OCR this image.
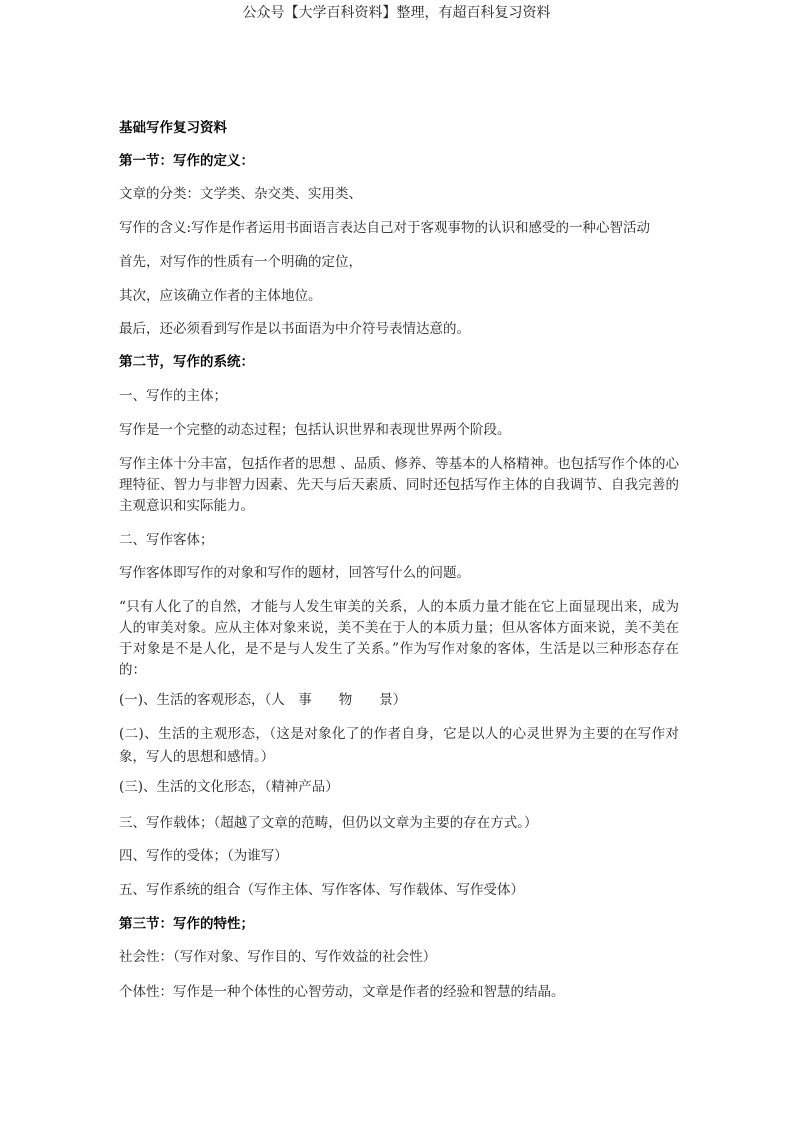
公众号【大学百科资料】整理，有超百科复习资料
基础写作复习资料
第一节：写作的定义：
文章的分类：文学类、杂交类、实用类、
写作的含义:写作是作者运用书面语言表达自己对于客观事物的认识和感受的一种心智活动
首先，对写作的性质有一个明确的定位，
其次，应该确立作者的主体地位。
最后，还必须看到写作是以书面语为中介符号表情达意的。
第二节，写作的系统：
一、写作的主体；
写作是一个完整的动态过程；包括认识世界和表现世界两个阶段。
写作主体十分丰富，包括作者的思想 、品质、修养、等基本的人格精神。也包括写作个体的心理特征、智力与非智力因素、先天与后天素质、同时还包括写作主体的自我调节、自我完善的主观意识和实际能力。
二、写作客体；
写作客体即写作的对象和写作的题材，回答写什么的问题。
“只有人化了的自然，才能与人发生审美的关系，人的本质力量才能在它上面显现出来，成为人的审美对象。应从主体对象来说，美不美在于人的本质力量；但从客体方面来说，美不美在于对象是不是人化，是不是与人发生了关系。”作为写作对象的客体，生活是以三种形态存在的：
(一)、生活的客观形态，（人　事　　物　　景）
(二)、生活的主观形态，（这是对象化了的作者自身，它是以人的心灵世界为主要的在写作对象，写人的思想和感情。）
(三)、生活的文化形态，（精神产品）
三、写作载体；（超越了文章的范畴，但仍以文章为主要的存在方式。）
四、写作的受体；（为谁写）
五、写作系统的组合（写作主体、写作客体、写作载体、写作受体）
第三节：写作的特性；
社会性：（写作对象、写作目的、写作效益的社会性）
个体性：写作是一种个体性的心智劳动，文章是作者的经验和智慧的结晶。
